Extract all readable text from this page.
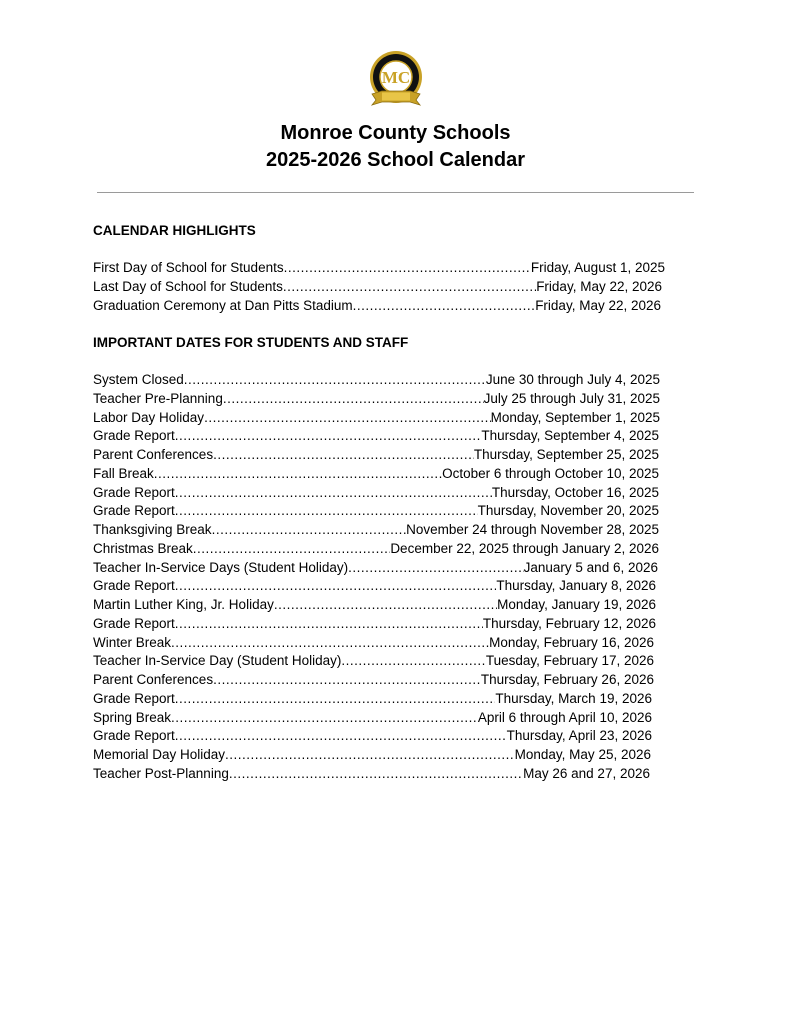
MC
Monroe County Schools
2025-2026 School Calendar
CALENDAR HIGHLIGHTS
First Day of School for Students .....	Friday, August 1, 2025
Last Day of School for Students .....	Friday, May 22, 2026
Graduation Ceremony at Dan Pitts Stadium .....	Friday, May 22, 2026
IMPORTANT DATES FOR STUDENTS AND STAFF
System Closed .....	June 30 through July 4, 2025
Teacher Pre-Planning .....	July 25 through July 31, 2025
Labor Day Holiday .....	Monday, September 1, 2025
Grade Report .....	Thursday, September 4, 2025
Parent Conferences .....	Thursday, September 25, 2025
Fall Break .....	October 6 through October 10, 2025
Grade Report .....	Thursday, October 16, 2025
Grade Report .....	Thursday, November 20, 2025
Thanksgiving Break .....	November 24 through November 28, 2025
Christmas Break .....	December 22, 2025 through January 2, 2026
Teacher In-Service Days (Student Holiday) .....	January 5 and 6, 2026
Grade Report .....	Thursday, January 8, 2026
Martin Luther King, Jr. Holiday .....	Monday, January 19, 2026
Grade Report .....	Thursday, February 12, 2026
Winter Break .....	Monday, February 16, 2026
Teacher In-Service Day (Student Holiday) .....	Tuesday, February 17, 2026
Parent Conferences .....	Thursday, February 26, 2026
Grade Report .....	Thursday, March 19, 2026
Spring Break .....	April 6 through April 10, 2026
Grade Report .....	Thursday, April 23, 2026
Memorial Day Holiday .....	Monday, May 25, 2026
Teacher Post-Planning .....	May 26 and 27, 2026
